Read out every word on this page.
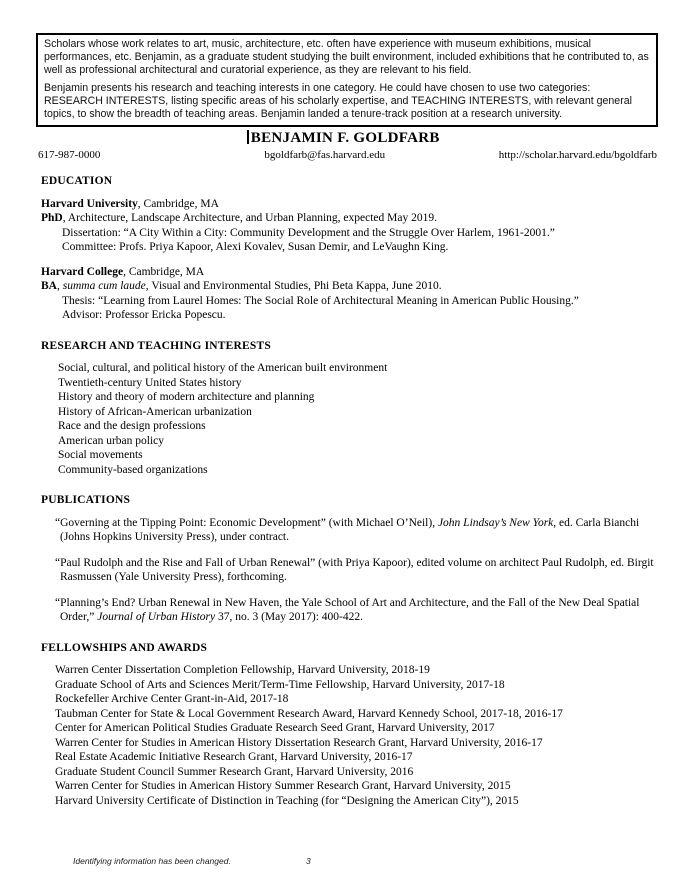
Scholars whose work relates to art, music, architecture, etc. often have experience with museum exhibitions, musical performances, etc. Benjamin, as a graduate student studying the built environment, included exhibitions that he contributed to, as well as professional architectural and curatorial experience, as they are relevant to his field.

Benjamin presents his research and teaching interests in one category. He could have chosen to use two categories: RESEARCH INTERESTS, listing specific areas of his scholarly expertise, and TEACHING INTERESTS, with relevant general topics, to show the breadth of teaching areas. Benjamin landed a tenure-track position at a research university.

BENJAMIN F. GOLDFARB
617-987-0000	bgoldfarb@fas.harvard.edu	http://scholar.harvard.edu/bgoldfarb
EDUCATION

Harvard University, Cambridge, MA

PhD, Architecture, Landscape Architecture, and Urban Planning, expected May 2019.

Dissertation: “A City Within a City: Community Development and the Struggle Over Harlem, 1961-2001.”

Committee: Profs. Priya Kapoor, Alexi Kovalev, Susan Demir, and LeVaughn King.

Harvard College, Cambridge, MA

BA, summa cum laude, Visual and Environmental Studies, Phi Beta Kappa, June 2010.

Thesis: “Learning from Laurel Homes: The Social Role of Architectural Meaning in American Public Housing.”

Advisor: Professor Ericka Popescu.

RESEARCH AND TEACHING INTERESTS
Social, cultural, and political history of the American built environment
Twentieth-century United States history
History and theory of modern architecture and planning
History of African-American urbanization
Race and the design professions
American urban policy
Social movements
Community-based organizations
PUBLICATIONS

“Governing at the Tipping Point: Economic Development” (with Michael O’Neil), John Lindsay’s New York, ed. Carla Bianchi (Johns Hopkins University Press), under contract.

“Paul Rudolph and the Rise and Fall of Urban Renewal” (with Priya Kapoor), edited volume on architect Paul Rudolph, ed. Birgit Rasmussen (Yale University Press), forthcoming.

“Planning’s End? Urban Renewal in New Haven, the Yale School of Art and Architecture, and the Fall of the New Deal Spatial Order,” Journal of Urban History 37, no. 3 (May 2017): 400-422.

FELLOWSHIPS AND AWARDS
Warren Center Dissertation Completion Fellowship, Harvard University, 2018-19
Graduate School of Arts and Sciences Merit/Term-Time Fellowship, Harvard University, 2017-18
Rockefeller Archive Center Grant-in-Aid, 2017-18
Taubman Center for State & Local Government Research Award, Harvard Kennedy School, 2017-18, 2016-17
Center for American Political Studies Graduate Research Seed Grant, Harvard University, 2017
Warren Center for Studies in American History Dissertation Research Grant, Harvard University, 2016-17
Real Estate Academic Initiative Research Grant, Harvard University, 2016-17
Graduate Student Council Summer Research Grant, Harvard University, 2016
Warren Center for Studies in American History Summer Research Grant, Harvard University, 2015
Harvard University Certificate of Distinction in Teaching (for “Designing the American City”), 2015
Identifying information has been changed.	3
